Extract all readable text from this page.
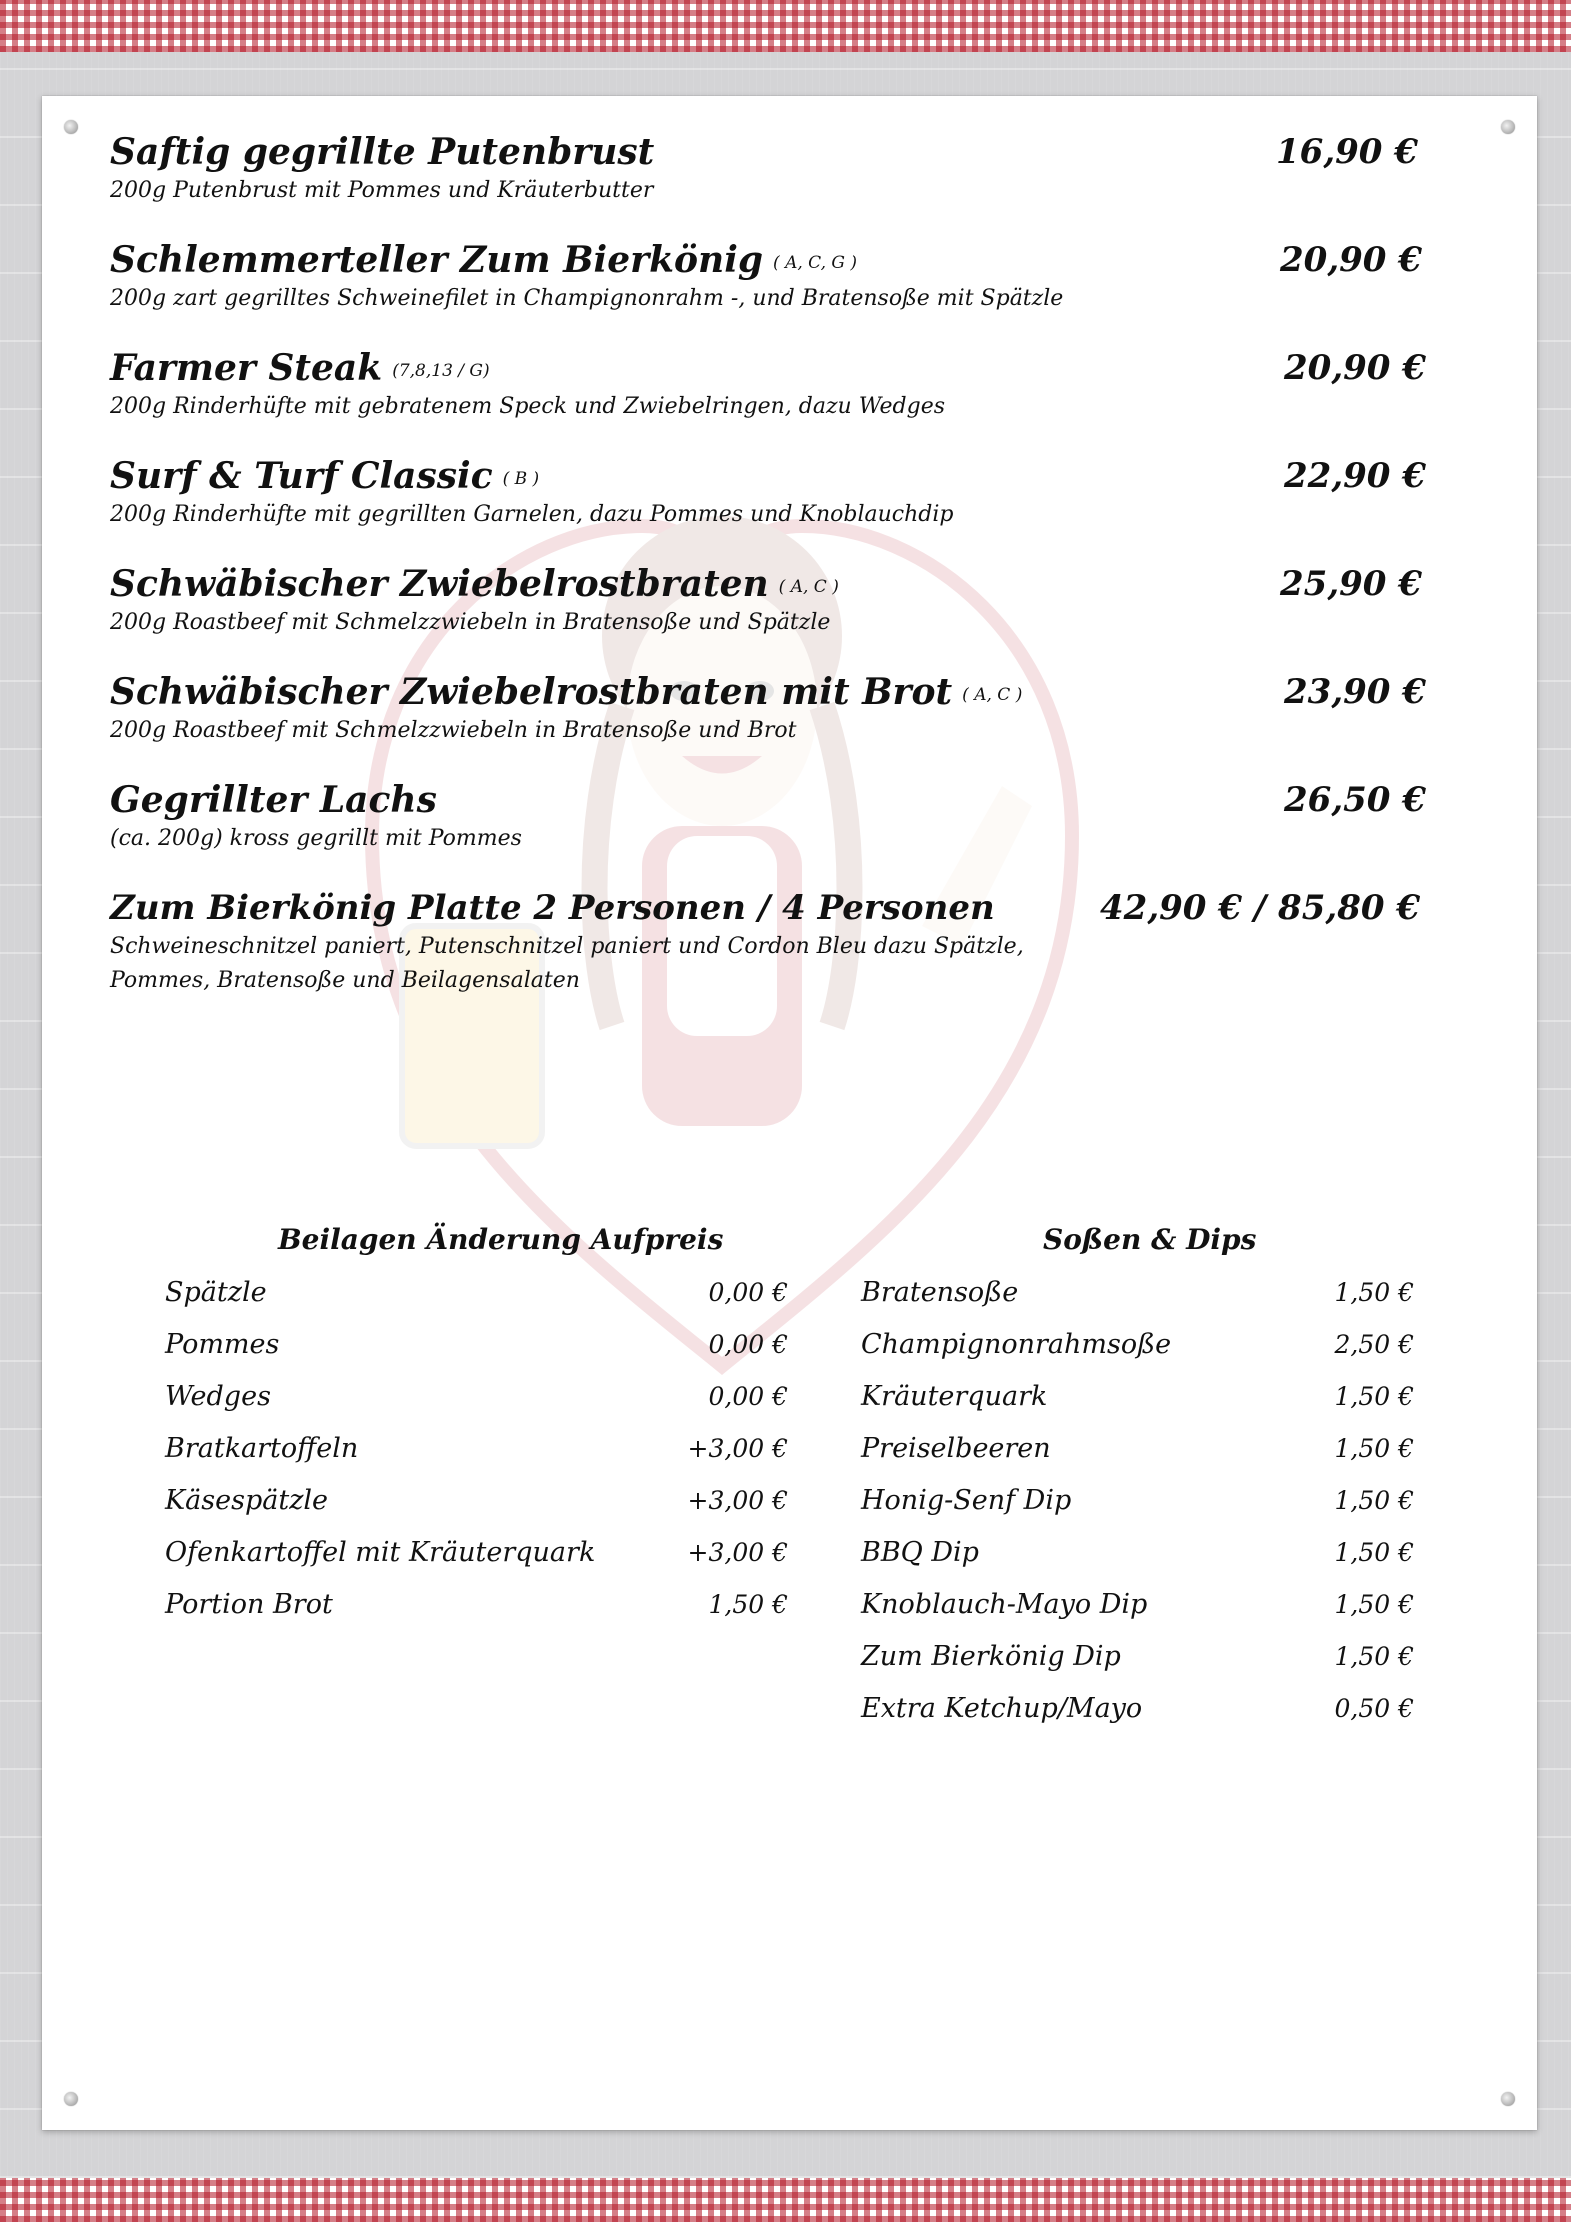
Saftig gegrillte Putenbrust	16,90 €
200g Putenbrust mit Pommes und Kräuterbutter
Schlemmerteller Zum Bierkönig ( A, C, G )	20,90 €
200g zart gegrilltes Schweinefilet in Champignonrahm -, und Bratensoße mit Spätzle
Farmer Steak (7,8,13 / G)	20,90 €
200g Rinderhüfte mit gebratenem Speck und Zwiebelringen, dazu Wedges
Surf & Turf Classic ( B )	22,90 €
200g Rinderhüfte mit gegrillten Garnelen, dazu Pommes und Knoblauchdip
Schwäbischer Zwiebelrostbraten ( A, C )	25,90 €
200g Roastbeef mit Schmelzzwiebeln in Bratensoße und Spätzle
Schwäbischer Zwiebelrostbraten mit Brot ( A, C )	23,90 €
200g Roastbeef mit Schmelzzwiebeln in Bratensoße und Brot
Gegrillter Lachs	26,50 €
(ca. 200g) kross gegrillt mit Pommes
Zum Bierkönig Platte 2 Personen / 4 Personen	42,90 € / 85,80 €
Schweineschnitzel paniert, Putenschnitzel paniert und Cordon Bleu dazu Spätzle, Pommes, Bratensoße und Beilagensalaten
Beilagen Änderung Aufpreis	Soßen & Dips
Spätzle	0,00 €
Pommes	0,00 €
Wedges	0,00 €
Bratkartoffeln	+3,00 €
Käsespätzle	+3,00 €
Ofenkartoffel mit Kräuterquark	+3,00 €
Portion Brot	1,50 €
Bratensoße	1,50 €
Champignonrahmsoße	2,50 €
Kräuterquark	1,50 €
Preiselbeeren	1,50 €
Honig-Senf Dip	1,50 €
BBQ Dip	1,50 €
Knoblauch-Mayo Dip	1,50 €
Zum Bierkönig Dip	1,50 €
Extra Ketchup/Mayo	0,50 €
